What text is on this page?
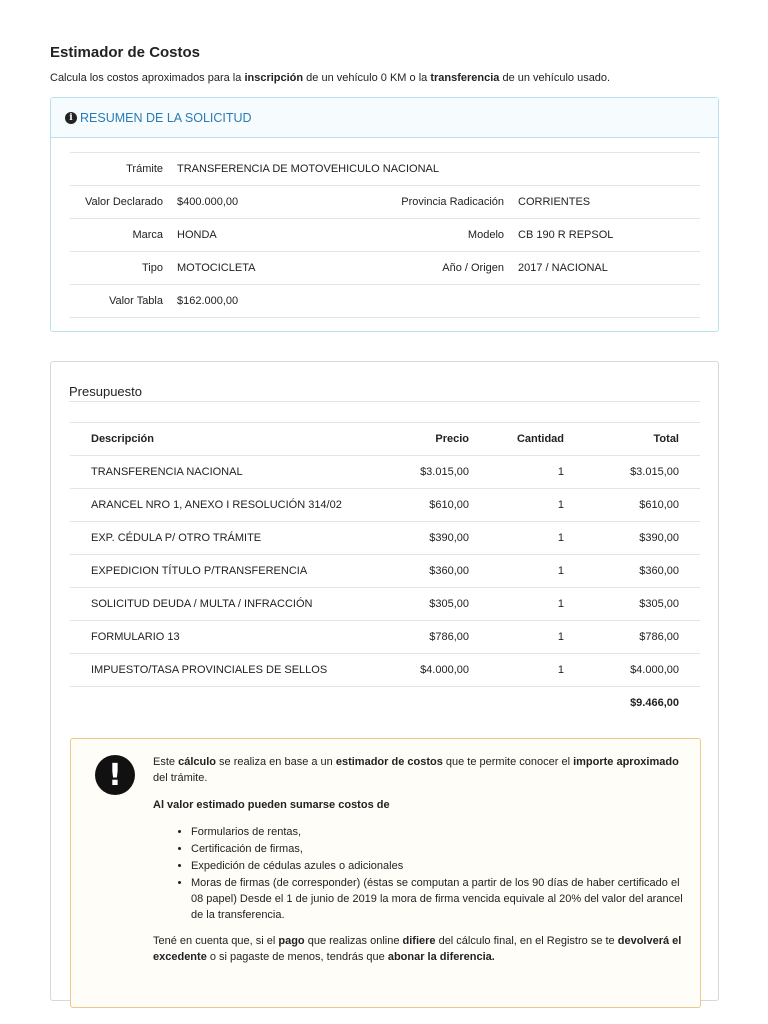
Estimador de Costos
Calcula los costos aproximados para la inscripción de un vehículo 0 KM o la transferencia de un vehículo usado.
i RESUMEN DE LA SOLICITUD
Trámite	TRANSFERENCIA DE MOTOVEHICULO NACIONAL		
Valor Declarado	$400.000,00	Provincia Radicación	CORRIENTES
Marca	HONDA	Modelo	CB 190 R REPSOL
Tipo	MOTOCICLETA	Año / Origen	2017 / NACIONAL
Valor Tabla	$162.000,00		
Presupuesto
Descripción	Precio	Cantidad	Total
TRANSFERENCIA NACIONAL	$3.015,00	1	$3.015,00
ARANCEL NRO 1, ANEXO I RESOLUCIÓN 314/02	$610,00	1	$610,00
EXP. CÉDULA P/ OTRO TRÁMITE	$390,00	1	$390,00
EXPEDICION TÍTULO P/TRANSFERENCIA	$360,00	1	$360,00
SOLICITUD DEUDA / MULTA / INFRACCIÓN	$305,00	1	$305,00
FORMULARIO 13	$786,00	1	$786,00
IMPUESTO/TASA PROVINCIALES DE SELLOS	$4.000,00	1	$4.000,00
			$9.466,00
!	Este cálculo se realiza en base a un estimador de costos que te permite conocer el importe aproximado del trámite.

Al valor estimado pueden sumarse costos de

• Formularios de rentas,
• Certificación de firmas,
• Expedición de cédulas azules o adicionales
• Moras de firmas (de corresponder) (éstas se computan a partir de los 90 días de haber certificado el 08 papel) Desde el 1 de junio de 2019 la mora de firma vencida equivale al 20% del valor del arancel de la transferencia.

Tené en cuenta que, si el pago que realizas online difiere del cálculo final, en el Registro se te devolverá el excedente o si pagaste de menos, tendrás que abonar la diferencia.
